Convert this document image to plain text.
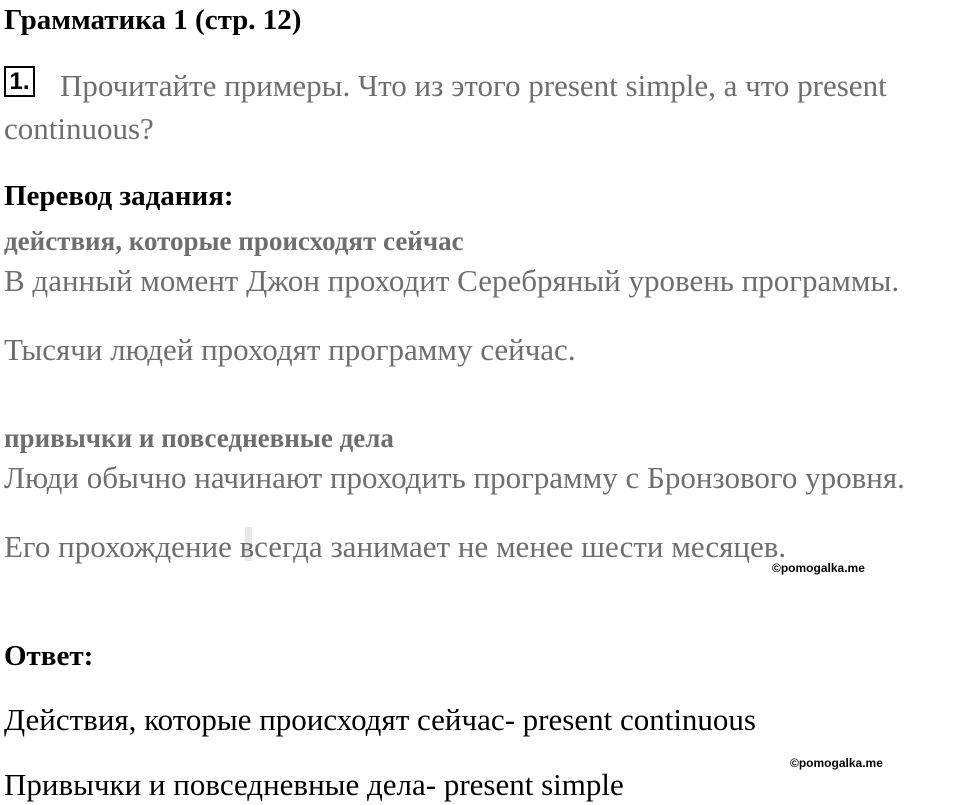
Грамматика 1 (стр. 12)
Прочитайте примеры. Что из этого present simple, а что present continuous?
1.
Перевод задания:
действия, которые происходят сейчас
В данный момент Джон проходит Серебряный уровень программы.
Тысячи людей проходят программу сейчас.
привычки и повседневные дела
Люди обычно начинают проходить программу с Бронзового уровня.
Его прохождение всегда занимает не менее шести месяцев.
©pomogalka.me
Ответ:
Действия, которые происходят сейчас- present continuous
©pomogalka.me
Привычки и повседневные дела- present simple
